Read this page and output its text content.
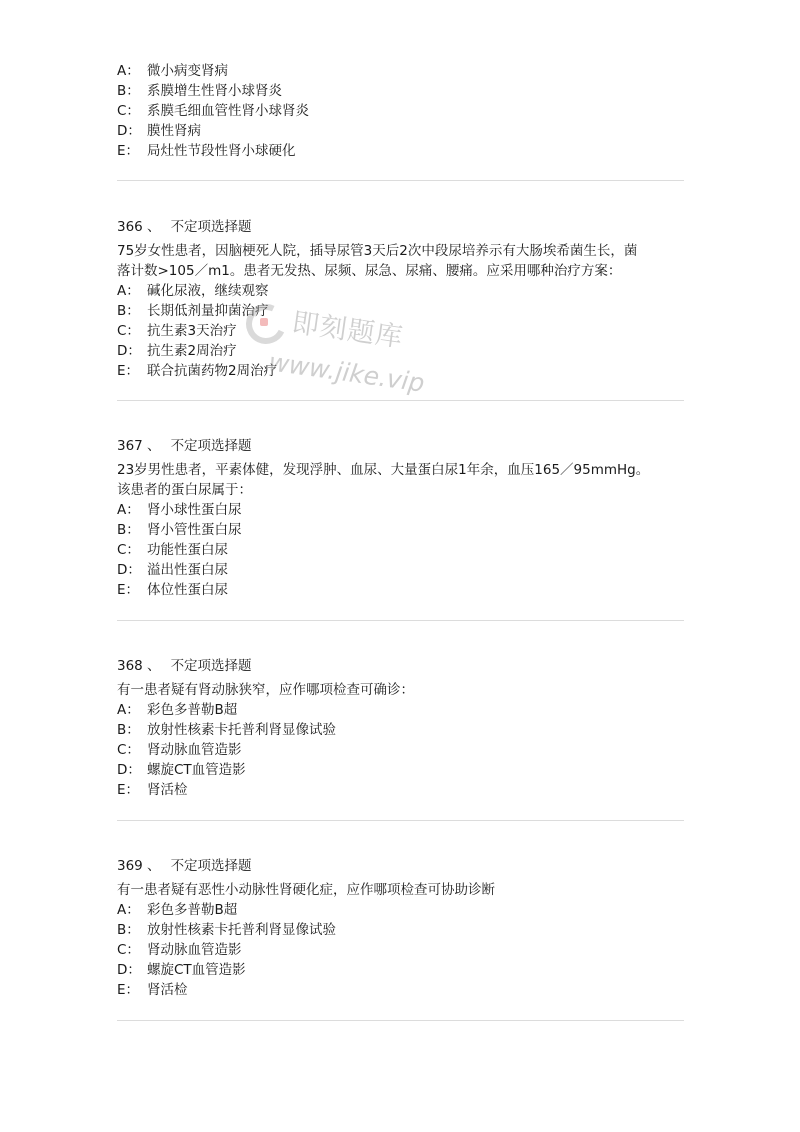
A： 微小病变肾病
B： 系膜增生性肾小球肾炎
C： 系膜毛细血管性肾小球肾炎
D： 膜性肾病
E： 局灶性节段性肾小球硬化
366 、 不定项选择题
75岁女性患者，因脑梗死人院，插导尿管3天后2次中段尿培养示有大肠埃希菌生长，菌
落计数>105／m1。患者无发热、尿频、尿急、尿痛、腰痛。应采用哪种治疗方案：
A： 碱化尿液，继续观察
B： 长期低剂量抑菌治疗
C： 抗生素3天治疗
D： 抗生素2周治疗
E： 联合抗菌药物2周治疗
367 、 不定项选择题
23岁男性患者，平素体健，发现浮肿、血尿、大量蛋白尿1年余，血压165／95mmHg。
该患者的蛋白尿属于：
A： 肾小球性蛋白尿
B： 肾小管性蛋白尿
C： 功能性蛋白尿
D： 溢出性蛋白尿
E： 体位性蛋白尿
368 、 不定项选择题
有一患者疑有肾动脉狭窄，应作哪项检查可确诊：
A： 彩色多普勒B超
B： 放射性核素卡托普利肾显像试验
C： 肾动脉血管造影
D： 螺旋CT血管造影
E： 肾活检
369 、 不定项选择题
有一患者疑有恶性小动脉性肾硬化症，应作哪项检查可协助诊断
A： 彩色多普勒B超
B： 放射性核素卡托普利肾显像试验
C： 肾动脉血管造影
D： 螺旋CT血管造影
E： 肾活检
即刻题库
www.jike.vip
